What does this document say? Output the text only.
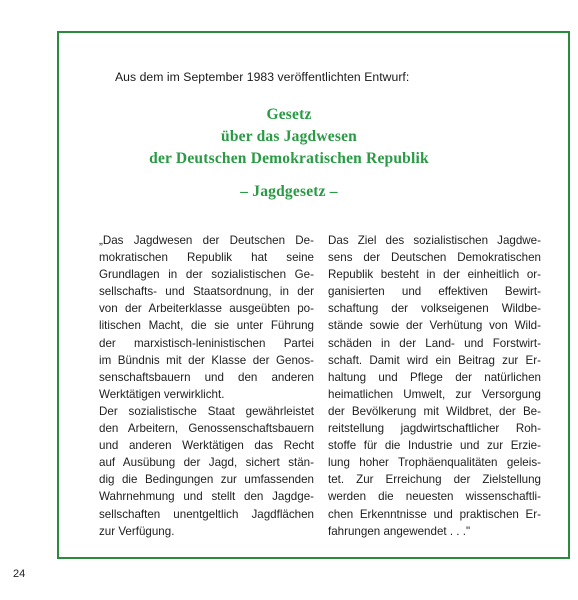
Aus dem im September 1983 veröffentlichten Entwurf:
Gesetz
über das Jagdwesen
der Deutschen Demokratischen Republik
– Jagdgesetz –
„Das Jagdwesen der Deutschen De-
mokratischen Republik hat seine
Grundlagen in der sozialistischen Ge-
sellschafts- und Staatsordnung, in der
von der Arbeiterklasse ausgeübten po-
litischen Macht, die sie unter Führung
der marxistisch-leninistischen Partei
im Bündnis mit der Klasse der Genos-
senschaftsbauern und den anderen
Werktätigen verwirklicht.
Der sozialistische Staat gewährleistet
den Arbeitern, Genossenschaftsbauern
und anderen Werktätigen das Recht
auf Ausübung der Jagd, sichert stän-
dig die Bedingungen zur umfassenden
Wahrnehmung und stellt den Jagdge-
sellschaften unentgeltlich Jagdflächen
zur Verfügung.
Das Ziel des sozialistischen Jagdwe-
sens der Deutschen Demokratischen
Republik besteht in der einheitlich or-
ganisierten und effektiven Bewirt-
schaftung der volkseigenen Wildbe-
stände sowie der Verhütung von Wild-
schäden in der Land- und Forstwirt-
schaft. Damit wird ein Beitrag zur Er-
haltung und Pflege der natürlichen
heimatlichen Umwelt, zur Versorgung
der Bevölkerung mit Wildbret, der Be-
reitstellung jagdwirtschaftlicher Roh-
stoffe für die Industrie und zur Erzie-
lung hoher Trophäenqualitäten geleis-
tet. Zur Erreichung der Zielstellung
werden die neuesten wissenschaftli-
chen Erkenntnisse und praktischen Er-
fahrungen angewendet . . ."
24
